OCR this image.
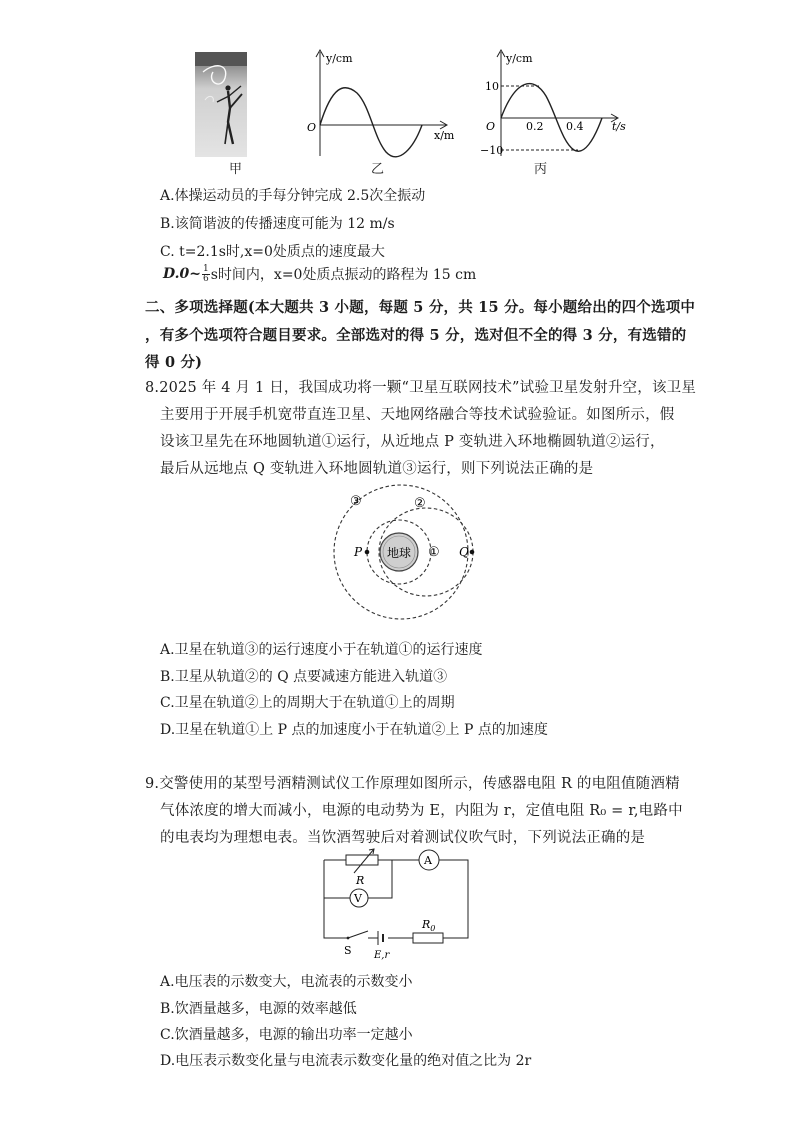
甲
y/cm
x/m
O
乙
y/cm
t/s
O
10
−10
0.2 0.4
丙
A.体操运动员的手每分钟完成 2.5次全振动
B.该简谐波的传播速度可能为 12 m/s
C. t=2.1s时,x=0处质点的速度最大
D.0~ 1
6 s时间内，x=0处质点振动的路程为 15 cm
二、多项选择题(本大题共 3 小题，每题 5 分，共 15 分。每小题给出的四个选项中
，有多个选项符合题目要求。全部选对的得 5 分，选对但不全的得 3 分，有选错的
得 0 分)
8.2025 年 4 月 1 日，我国成功将一颗“卫星互联网技术”试验卫星发射升空，该卫星
主要用于开展手机宽带直连卫星、天地网络融合等技术试验验证。如图所示，假
设该卫星先在环地圆轨道①运行，从近地点 P 变轨进入环地椭圆轨道②运行，
最后从远地点 Q 变轨进入环地圆轨道③运行，则下列说法正确的是
地球
P	Q
③	②
①
A.卫星在轨道③的运行速度小于在轨道①的运行速度
B.卫星从轨道②的 Q 点要减速方能进入轨道③
C.卫星在轨道②上的周期大于在轨道①上的周期
D.卫星在轨道①上 P 点的加速度小于在轨道②上 P 点的加速度
9.交警使用的某型号酒精测试仪工作原理如图所示，传感器电阻 R 的电阻值随酒精
气体浓度的增大而减小，电源的电动势为 E，内阻为 r，定值电阻 R₀ = r,电路中
的电表均为理想电表。当饮酒驾驶后对着测试仪吹气时，下列说法正确的是
R
A
V
S E,r
$R_0$
A.电压表的示数变大，电流表的示数变小
B.饮酒量越多，电源的效率越低
C.饮酒量越多，电源的输出功率一定越小
D.电压表示数变化量与电流表示数变化量的绝对值之比为 2r
